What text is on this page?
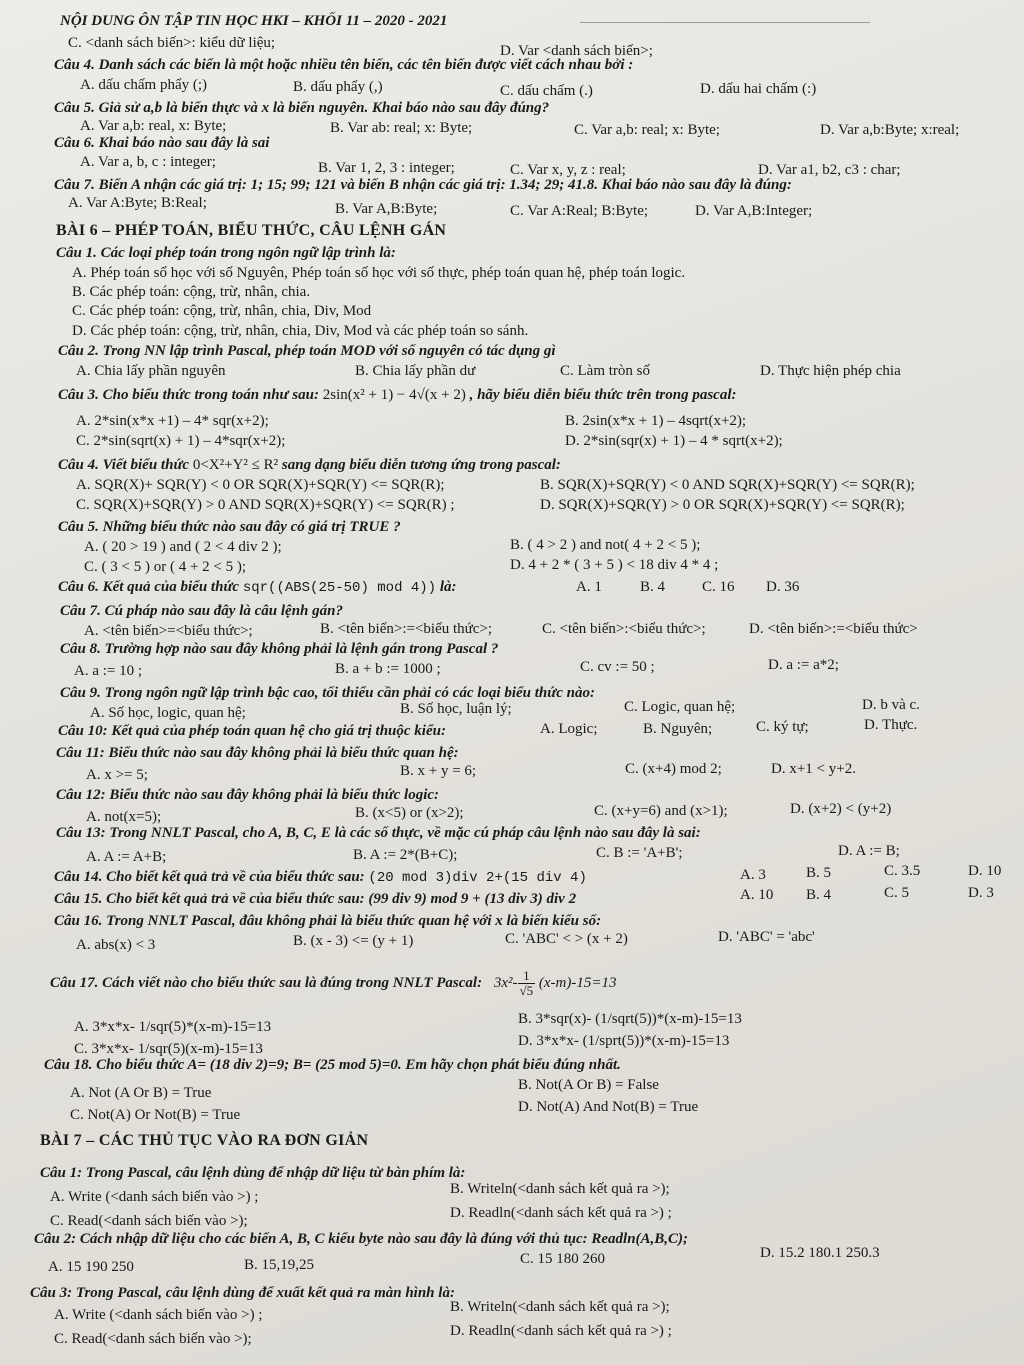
NỘI DUNG ÔN TẬP TIN HỌC HKI – KHỐI 11 – 2020 - 2021
C. <danh sách biến>: kiểu dữ liệu;	D. Var <danh sách biến>;
Câu 4. Danh sách các biến là một hoặc nhiều tên biến, các tên biến được viết cách nhau bởi :
A. dấu chấm phẩy (;)	B. dấu phẩy (,)	C. dấu chấm (.)	D. dấu hai chấm (:)
Câu 5. Giả sử a,b là biến thực và x là biến nguyên. Khai báo nào sau đây đúng?
A. Var a,b: real, x: Byte;	B. Var ab: real; x: Byte;	C. Var a,b: real; x: Byte;	D. Var a,b:Byte; x:real;
Câu 6. Khai báo nào sau đây là sai
A. Var a, b, c : integer;	B. Var 1, 2, 3 : integer;	C. Var x, y, z : real;	D. Var a1, b2, c3 : char;
Câu 7. Biến A nhận các giá trị: 1; 15; 99; 121 và biến B nhận các giá trị: 1.34; 29; 41.8. Khai báo nào sau đây là đúng:
A. Var A:Byte; B:Real;	B. Var A,B:Byte;	C. Var A:Real; B:Byte;	D. Var A,B:Integer;
BÀI 6 – PHÉP TOÁN, BIỂU THỨC, CÂU LỆNH GÁN
Câu 1. Các loại phép toán trong ngôn ngữ lập trình là:
A. Phép toán số học với số Nguyên, Phép toán số học với số thực, phép toán quan hệ, phép toán logic.
B. Các phép toán: cộng, trừ, nhân, chia.
C. Các phép toán: cộng, trừ, nhân, chia, Div, Mod
D. Các phép toán: cộng, trừ, nhân, chia, Div, Mod và các phép toán so sánh.
Câu 2. Trong NN lập trình Pascal, phép toán MOD với số nguyên có tác dụng gì
A. Chia lấy phần nguyên	B. Chia lấy phần dư	C. Làm tròn số	D. Thực hiện phép chia
Câu 3. Cho biểu thức trong toán như sau: 2sin(x² + 1) − 4√(x + 2) , hãy biểu diễn biểu thức trên trong pascal:
A. 2*sin(x*x +1) – 4* sqr(x+2);	B. 2sin(x*x + 1) – 4sqrt(x+2);
C. 2*sin(sqrt(x) + 1) – 4*sqr(x+2);	D. 2*sin(sqr(x) + 1) – 4 * sqrt(x+2);
Câu 4. Viết biểu thức 0<X²+Y² ≤ R² sang dạng biểu diễn tương ứng trong pascal:
A. SQR(X)+ SQR(Y) < 0 OR SQR(X)+SQR(Y) <= SQR(R);	B. SQR(X)+SQR(Y) < 0 AND SQR(X)+SQR(Y) <= SQR(R);
C. SQR(X)+SQR(Y) > 0 AND SQR(X)+SQR(Y) <= SQR(R) ;	D. SQR(X)+SQR(Y) > 0 OR SQR(X)+SQR(Y) <= SQR(R);
Câu 5. Những biểu thức nào sau đây có giá trị TRUE ?
A. ( 20 > 19 ) and ( 2 < 4 div 2 );	B. ( 4 > 2 ) and not( 4 + 2 < 5 );
C. ( 3 < 5 ) or ( 4 + 2 < 5 );	D. 4 + 2 * ( 3 + 5 ) < 18 div 4 * 4 ;
Câu 6. Kết quả của biểu thức sqr((ABS(25-50) mod 4)) là:	A. 1	B. 4 C. 16 D. 36
Câu 7. Cú pháp nào sau đây là câu lệnh gán?
A. <tên biến>=<biểu thức>;	B. <tên biến>:=<biểu thức>;	C. <tên biến>:<biểu thức>;	D. <tên biến>:=<biểu thức>
Câu 8. Trường hợp nào sau đây không phải là lệnh gán trong Pascal ?
A. a := 10 ;	B. a + b := 1000 ;	C. cv := 50 ;	D. a := a*2;
Câu 9. Trong ngôn ngữ lập trình bậc cao, tối thiểu cần phải có các loại biểu thức nào:
A. Số học, logic, quan hệ;	B. Số học, luận lý;	C. Logic, quan hệ;	D. b và c.
Câu 10: Kết quả của phép toán quan hệ cho giá trị thuộc kiểu:	A. Logic;	B. Nguyên;	C. ký tự;	D. Thực.
Câu 11: Biểu thức nào sau đây không phải là biểu thức quan hệ:
A. x >= 5;	B. x + y = 6;	C. (x+4) mod 2;	D. x+1 < y+2.
Câu 12: Biểu thức nào sau đây không phải là biểu thức logic:
A. not(x=5);	B. (x<5) or (x>2);	C. (x+y=6) and (x>1);	D. (x+2) < (y+2)
Câu 13: Trong NNLT Pascal, cho A, B, C, E là các số thực, về mặc cú pháp câu lệnh nào sau đây là sai:
A. A := A+B;	B. A := 2*(B+C);	C. B := 'A+B';	D. A := B;
Câu 14. Cho biết kết quả trả về của biểu thức sau: (20 mod 3)div 2+(15 div 4)	A. 3	B. 5	C. 3.5	D. 10
Câu 15. Cho biết kết quả trả về của biểu thức sau: (99 div 9) mod 9 + (13 div 3) div 2	A. 10 B. 4	C. 5	D. 3
Câu 16. Trong NNLT Pascal, đâu không phải là biểu thức quan hệ với x là biến kiểu số:
A. abs(x) < 3	B. (x - 3) <= (y + 1)	C. 'ABC' < > (x + 2)	D. 'ABC' = 'abc'
Câu 17. Cách viết nào cho biểu thức sau là đúng trong NNLT Pascal: $3x^2- \frac{1}{√5} (x-m)-15=13$
A. 3*x*x- 1/sqr(5)*(x-m)-15=13	B. 3*sqr(x)- (1/sqrt(5))*(x-m)-15=13
C. 3*x*x- 1/sqr(5)(x-m)-15=13	D. 3*x*x- (1/sprt(5))*(x-m)-15=13
Câu 18. Cho biểu thức A= (18 div 2)=9; B= (25 mod 5)=0. Em hãy chọn phát biểu đúng nhất.
A. Not (A Or B) = True	B. Not(A Or B) = False
C. Not(A) Or Not(B) = True	D. Not(A) And Not(B) = True
BÀI 7 – CÁC THỦ TỤC VÀO RA ĐƠN GIẢN
Câu 1: Trong Pascal, câu lệnh dùng để nhập dữ liệu từ bàn phím là:
A. Write (<danh sách biến vào >) ;	B. Writeln(<danh sách kết quả ra >);
C. Read(<danh sách biến vào >);	D. Readln(<danh sách kết quả ra >) ;
Câu 2: Cách nhập dữ liệu cho các biến A, B, C kiểu byte nào sau đây là đúng với thủ tục: Readln(A,B,C);
A. 15 190 250	B. 15,19,25	C. 15 180 260	D. 15.2 180.1 250.3
Câu 3: Trong Pascal, câu lệnh dùng để xuất kết quả ra màn hình là:
A. Write (<danh sách biến vào >) ;	B. Writeln(<danh sách kết quả ra >);
C. Read(<danh sách biến vào >);	D. Readln(<danh sách kết quả ra >) ;
